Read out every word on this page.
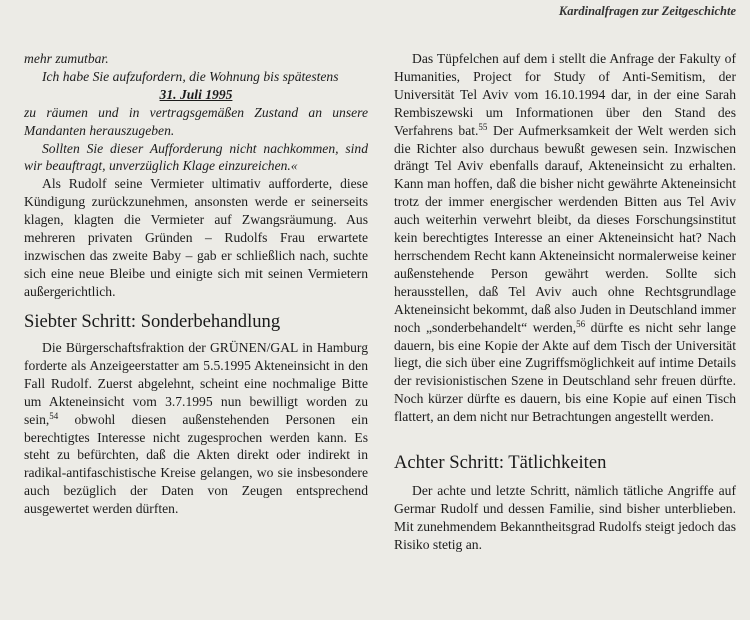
Kardinalfragen zur Zeitgeschichte

mehr zumutbar.

Ich habe Sie aufzufordern, die Wohnung bis spätestens

31. Juli 1995

zu räumen und in vertragsgemäßen Zustand an unsere Mandanten herauszugeben.

Sollten Sie dieser Aufforderung nicht nachkommen, sind wir beauftragt, unverzüglich Klage einzureichen.«

Als Rudolf seine Vermieter ultimativ aufforderte, diese Kündigung zurückzunehmen, ansonsten werde er seinerseits klagen, klagten die Vermieter auf Zwangsräumung. Aus mehreren privaten Gründen – Rudolfs Frau erwartete inzwischen das zweite Baby – gab er schließlich nach, suchte sich eine neue Bleibe und einigte sich mit seinen Vermietern außergerichtlich.

Siebter Schritt: Sonderbehandlung

Die Bürgerschaftsfraktion der GRÜNEN/GAL in Hamburg forderte als Anzeigeerstatter am 5.5.1995 Akteneinsicht in den Fall Rudolf. Zuerst abgelehnt, scheint eine nochmalige Bitte um Akteneinsicht vom 3.7.1995 nun bewilligt worden zu sein,$^{54}$ obwohl diesen außenstehenden Personen ein berechtigtes Interesse nicht zugesprochen werden kann. Es steht zu befürchten, daß die Akten direkt oder indirekt in radikal-antifaschistische Kreise gelangen, wo sie insbesondere auch bezüglich der Daten von Zeugen entsprechend ausgewertet werden dürften.

Das Tüpfelchen auf dem i stellt die Anfrage der Fakulty of Humanities, Project for Study of Anti-Semitism, der Universität Tel Aviv vom 16.10.1994 dar, in der eine Sarah Rembiszewski um Informationen über den Stand des Verfahrens bat.$^{55}$ Der Aufmerksamkeit der Welt werden sich die Richter also durchaus bewußt gewesen sein. Inzwischen drängt Tel Aviv ebenfalls darauf, Akteneinsicht zu erhalten. Kann man hoffen, daß die bisher nicht gewährte Akteneinsicht trotz der immer energischer werdenden Bitten aus Tel Aviv auch weiterhin verwehrt bleibt, da dieses Forschungsinstitut kein berechtigtes Interesse an einer Akteneinsicht hat? Nach herrschendem Recht kann Akteneinsicht normalerweise keiner außenstehende Person gewährt werden. Sollte sich herausstellen, daß Tel Aviv auch ohne Rechtsgrundlage Akteneinsicht bekommt, daß also Juden in Deutschland immer noch „sonderbehandelt“ werden,$^{56}$ dürfte es nicht sehr lange dauern, bis eine Kopie der Akte auf dem Tisch der Universität liegt, die sich über eine Zugriffsmöglichkeit auf intime Details der revisionistischen Szene in Deutschland sehr freuen dürfte. Noch kürzer dürfte es dauern, bis eine Kopie auf einen Tisch flattert, an dem nicht nur Betrachtungen angestellt werden.

Achter Schritt: Tätlichkeiten

Der achte und letzte Schritt, nämlich tätliche Angriffe auf Germar Rudolf und dessen Familie, sind bisher unterblieben. Mit zunehmendem Bekanntheitsgrad Rudolfs steigt jedoch das Risiko stetig an.
